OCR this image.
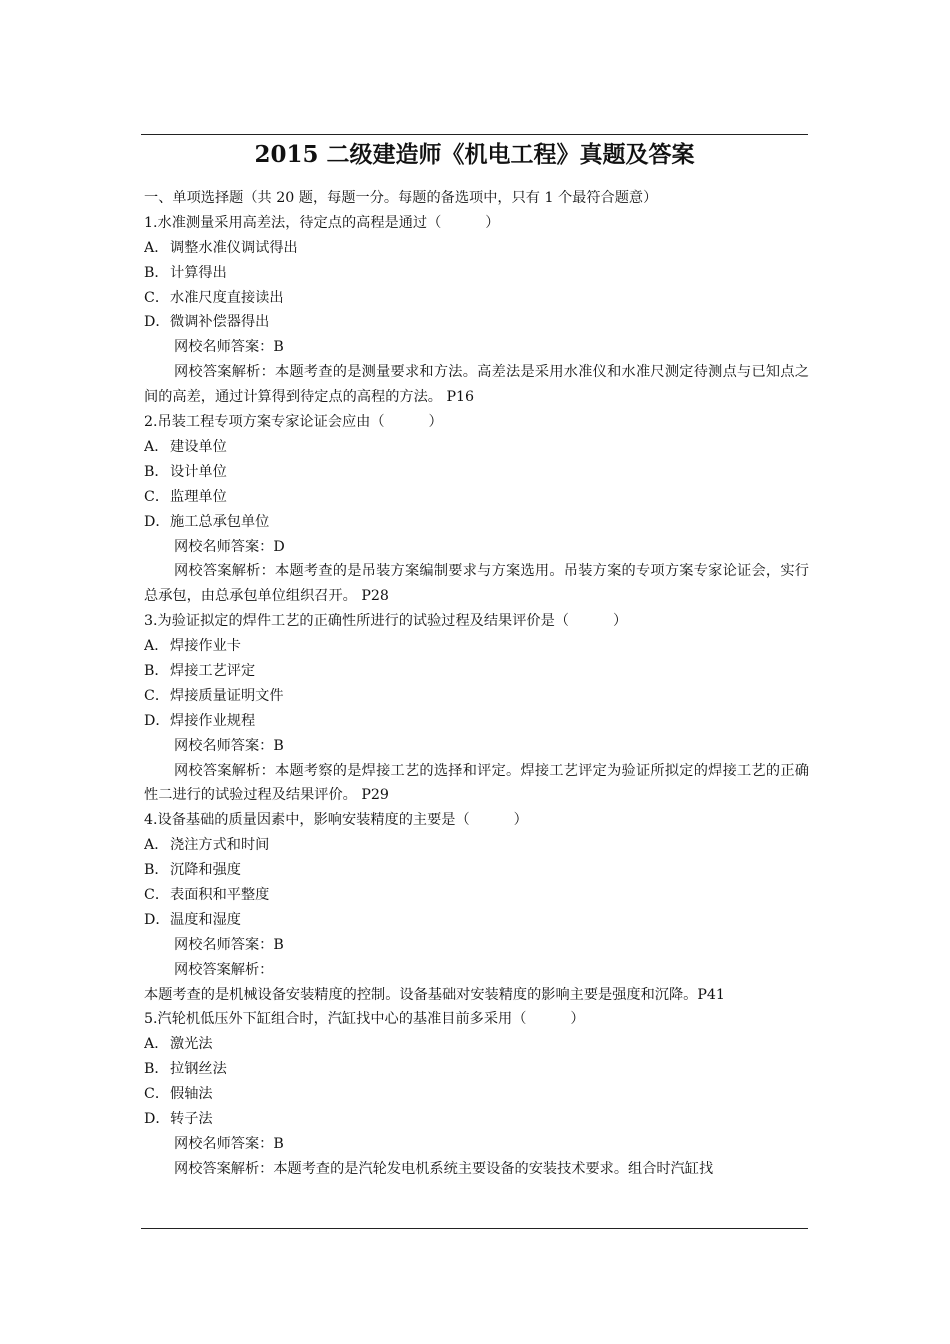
2015 二级建造师《机电工程》真题及答案
一、单项选择题（共 20 题，每题一分。每题的备选项中，只有 1 个最符合题意）
1.水准测量采用高差法，待定点的高程是通过（	）
A． 调整水准仪调试得出
B．计算得出
C．水准尺度直接读出
D．微调补偿器得出
网校名师答案：B
网校答案解析：本题考查的是测量要求和方法。高差法是采用水准仪和水准尺测定待测点与已知点之间的高差，通过计算得到待定点的高程的方法。 P16
2.吊装工程专项方案专家论证会应由（	）
A． 建设单位
B．设计单位
C．监理单位
D．施工总承包单位
网校名师答案：D
网校答案解析：本题考查的是吊装方案编制要求与方案选用。吊装方案的专项方案专家论证会，实行总承包，由总承包单位组织召开。 P28
3.为验证拟定的焊件工艺的正确性所进行的试验过程及结果评价是（	）
A． 焊接作业卡
B．焊接工艺评定
C．焊接质量证明文件
D．焊接作业规程
网校名师答案：B
网校答案解析：本题考察的是焊接工艺的选择和评定。焊接工艺评定为验证所拟定的焊接工艺的正确性二进行的试验过程及结果评价。 P29
4.设备基础的质量因素中，影响安装精度的主要是（	）
A． 浇注方式和时间
B．沉降和强度
C．表面积和平整度
D．温度和湿度
网校名师答案：B
网校答案解析：
本题考查的是机械设备安装精度的控制。设备基础对安装精度的影响主要是强度和沉降。P41
5.汽轮机低压外下缸组合时，汽缸找中心的基准目前多采用（	）
A． 激光法
B．拉钢丝法
C．假轴法
D．转子法
网校名师答案：B
网校答案解析：本题考查的是汽轮发电机系统主要设备的安装技术要求。组合时汽缸找
